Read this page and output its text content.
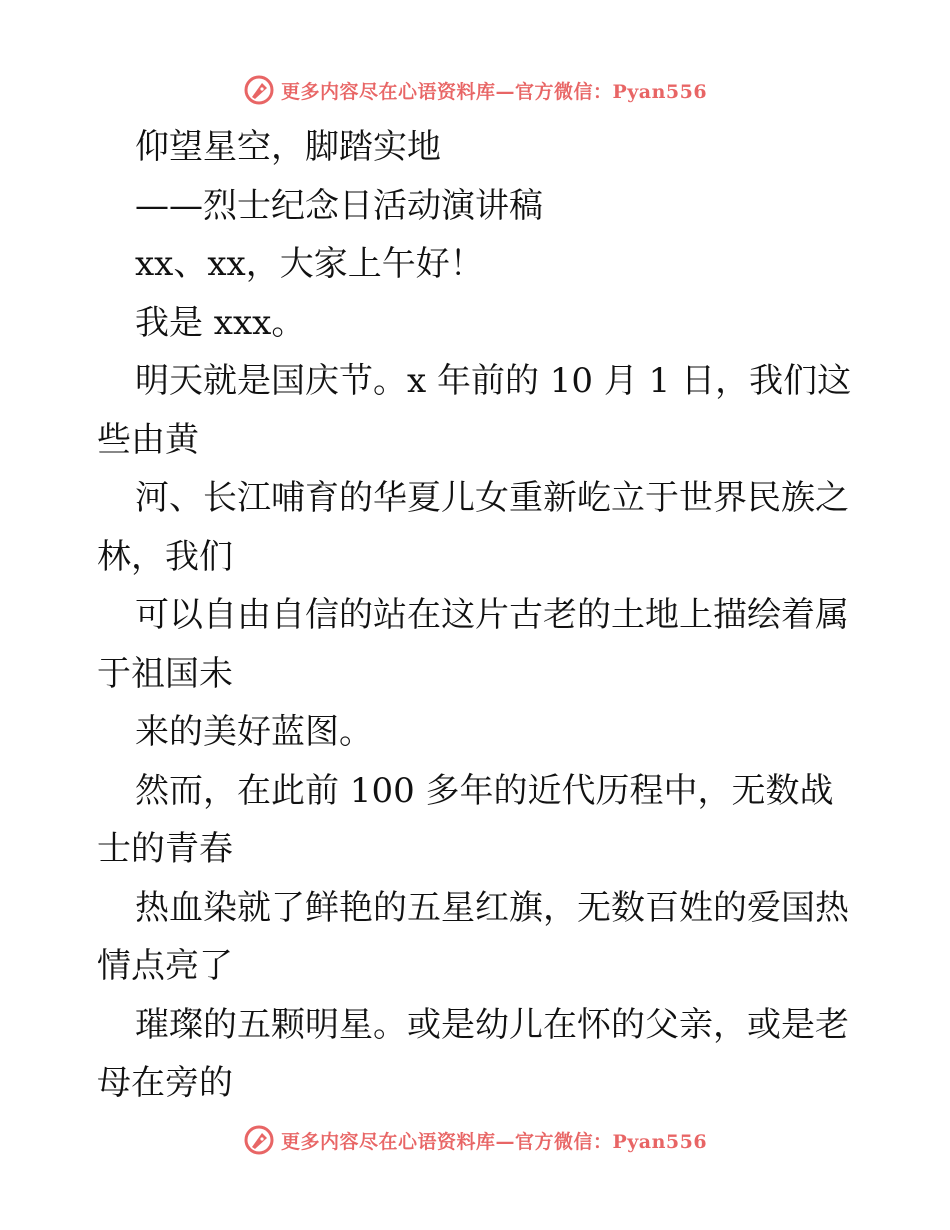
更多内容尽在心语资料库—官方微信：Pyan556
仰望星空，脚踏实地
——烈士纪念日活动演讲稿
xx、xx，大家上午好！
我是 xxx。
明天就是国庆节。x 年前的 10 月 1 日，我们这
些由黄
河、长江哺育的华夏儿女重新屹立于世界民族之
林，我们
可以自由自信的站在这片古老的土地上描绘着属
于祖国未
来的美好蓝图。
然而，在此前 100 多年的近代历程中，无数战
士的青春
热血染就了鲜艳的五星红旗，无数百姓的爱国热
情点亮了
璀璨的五颗明星。或是幼儿在怀的父亲，或是老
母在旁的
更多内容尽在心语资料库—官方微信：Pyan556
